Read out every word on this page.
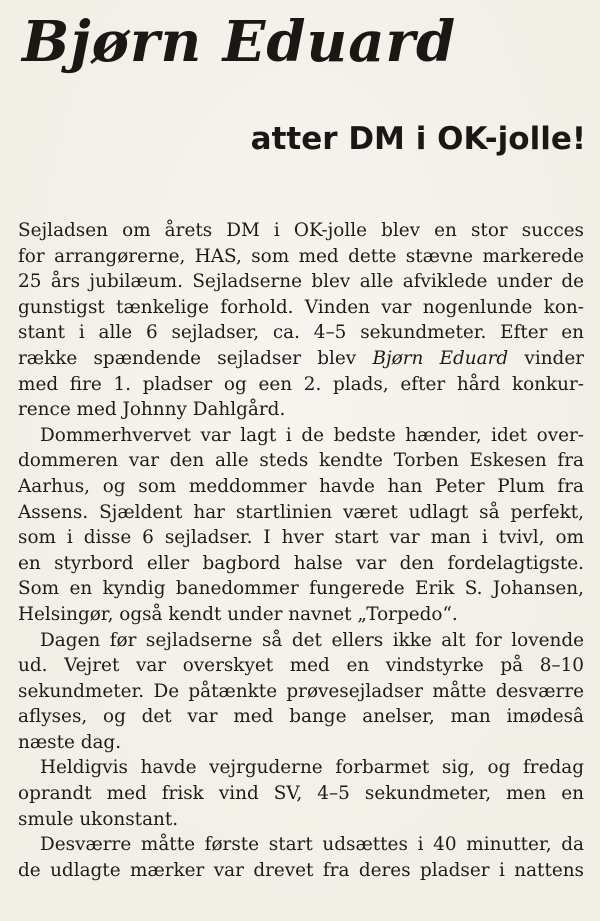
Bjørn Eduard
atter DM i OK-jolle!
Sejladsen om årets DM i OK-jolle blev en stor succes
for arrangørerne, HAS, som med dette stævne markerede
25 års jubilæum. Sejladserne blev alle afviklede under de
gunstigst tænkelige forhold. Vinden var nogenlunde kon-
stant i alle 6 sejladser, ca. 4–5 sekundmeter. Efter en
række spændende sejladser blev Bjørn Eduard vinder
med fire 1. pladser og een 2. plads, efter hård konkur-
rence med Johnny Dahlgård.
Dommerhvervet var lagt i de bedste hænder, idet over-
dommeren var den alle steds kendte Torben Eskesen fra
Aarhus, og som meddommer havde han Peter Plum fra
Assens. Sjældent har startlinien været udlagt så perfekt,
som i disse 6 sejladser. I hver start var man i tvivl, om
en styrbord eller bagbord halse var den fordelagtigste.
Som en kyndig banedommer fungerede Erik S. Johansen,
Helsingør, også kendt under navnet „Torpedo“.
Dagen før sejladserne så det ellers ikke alt for lovende
ud. Vejret var overskyet med en vindstyrke på 8–10
sekundmeter. De påtænkte prøvesejladser måtte desværre
aflyses, og det var med bange anelser, man imødesâ
næste dag.
Heldigvis havde vejrguderne forbarmet sig, og fredag
oprandt med frisk vind SV, 4–5 sekundmeter, men en
smule ukonstant.
Desværre måtte første start udsættes i 40 minutter, da
de udlagte mærker var drevet fra deres pladser i nattens
